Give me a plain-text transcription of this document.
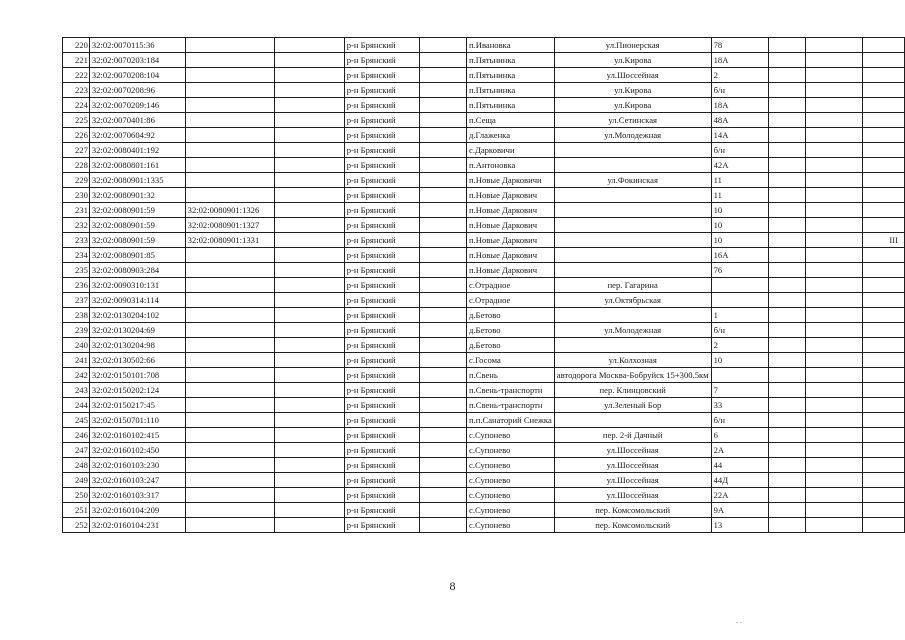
220	32:02:0070115:36			р-н Брянский		п.Ивановка	ул.Пионерская	78			
221	32:02:0070203:184			р-н Брянский		п.Пятьнинка	ул.Кирова	18А			
222	32:02:0070208:104			р-н Брянский		п.Пятьнинка	ул.Шоссейная	2			
223	32:02:0070208:96			р-н Брянский		п.Пятьнинка	ул.Кирова	б/н			
224	32:02:0070209:146			р-н Брянский		п.Пятьнинка	ул.Кирова	18А			
225	32:02:0070401:86			р-н Брянский		п.Сеща	ул.Сетинская	48А			
226	32:02:0070604:92			р-н Брянский		д.Глаженка	ул.Молодежная	14А			
227	32:02:0080401:192			р-н Брянский		с.Дарковичи		б/н			
228	32:02:0080801:161			р-н Брянский		п.Антоновка		42А			
229	32:02:0080901:1335			р-н Брянский		п.Новые Дарковичи	ул.Фокинская	11			
230	32:02:0080901:32			р-н Брянский		п.Новые Даркович		11			
231	32:02:0080901:59	32:02:0080901:1326		р-н Брянский		п.Новые Даркович		10			
232	32:02:0080901:59	32:02:0080901:1327		р-н Брянский		п.Новые Даркович		10			
233	32:02:0080901:59	32:02:0080901:1331		р-н Брянский		п.Новые Даркович		10			III
234	32:02:0080901:85			р-н Брянский		п.Новые Даркович		16А			
235	32:02:0080903:284			р-н Брянский		п.Новые Даркович		76			
236	32:02:0090310:131			р-н Брянский		с.Отрадное	пер. Гагарина				
237	32:02:0090314:114			р-н Брянский		с.Отрадное	ул.Октябрьская				
238	32:02:0130204:102			р-н Брянский		д.Бетово		1			
239	32:02:0130204:69			р-н Брянский		д.Бетово	ул.Молодежная	б/н			
240	32:02:0130204:98			р-н Брянский		д.Бетово		2			
241	32:02:0130502:66			р-н Брянский		с.Госома	ул.Колхозная	10			
242	32:02:0150101:708			р-н Брянский		п.Свень	автодорога Москва-Бобруйск 15+300.5км				
243	32:02:0150202:124			р-н Брянский		п.Свень-транспортн	пер. Клинцовский	7			
244	32:02:0150217:45			р-н Брянский		п.Свень-транспортн	ул.Зеленый Бор	33			
245	32:02:0150701:110			р-н Брянский		п.п.Санаторий Снежка		б/н			
246	32:02:0160102:415			р-н Брянский		с.Супонево	пер. 2-й Дачный	6			
247	32:02:0160102:450			р-н Брянский		с.Супонево	ул.Шоссейная	2А			
248	32:02:0160103:230			р-н Брянский		с.Супонево	ул.Шоссейная	44			
249	32:02:0160103:247			р-н Брянский		с.Супонево	ул.Шоссейная	44Д			
250	32:02:0160103:317			р-н Брянский		с.Супонево	ул.Шоссейная	22А			
251	32:02:0160104:209			р-н Брянский		с.Супонево	пер. Комсомольский	9А			
252	32:02:0160104:231			р-н Брянский		с.Супонево	пер. Комсомольский	13			
8
. .
